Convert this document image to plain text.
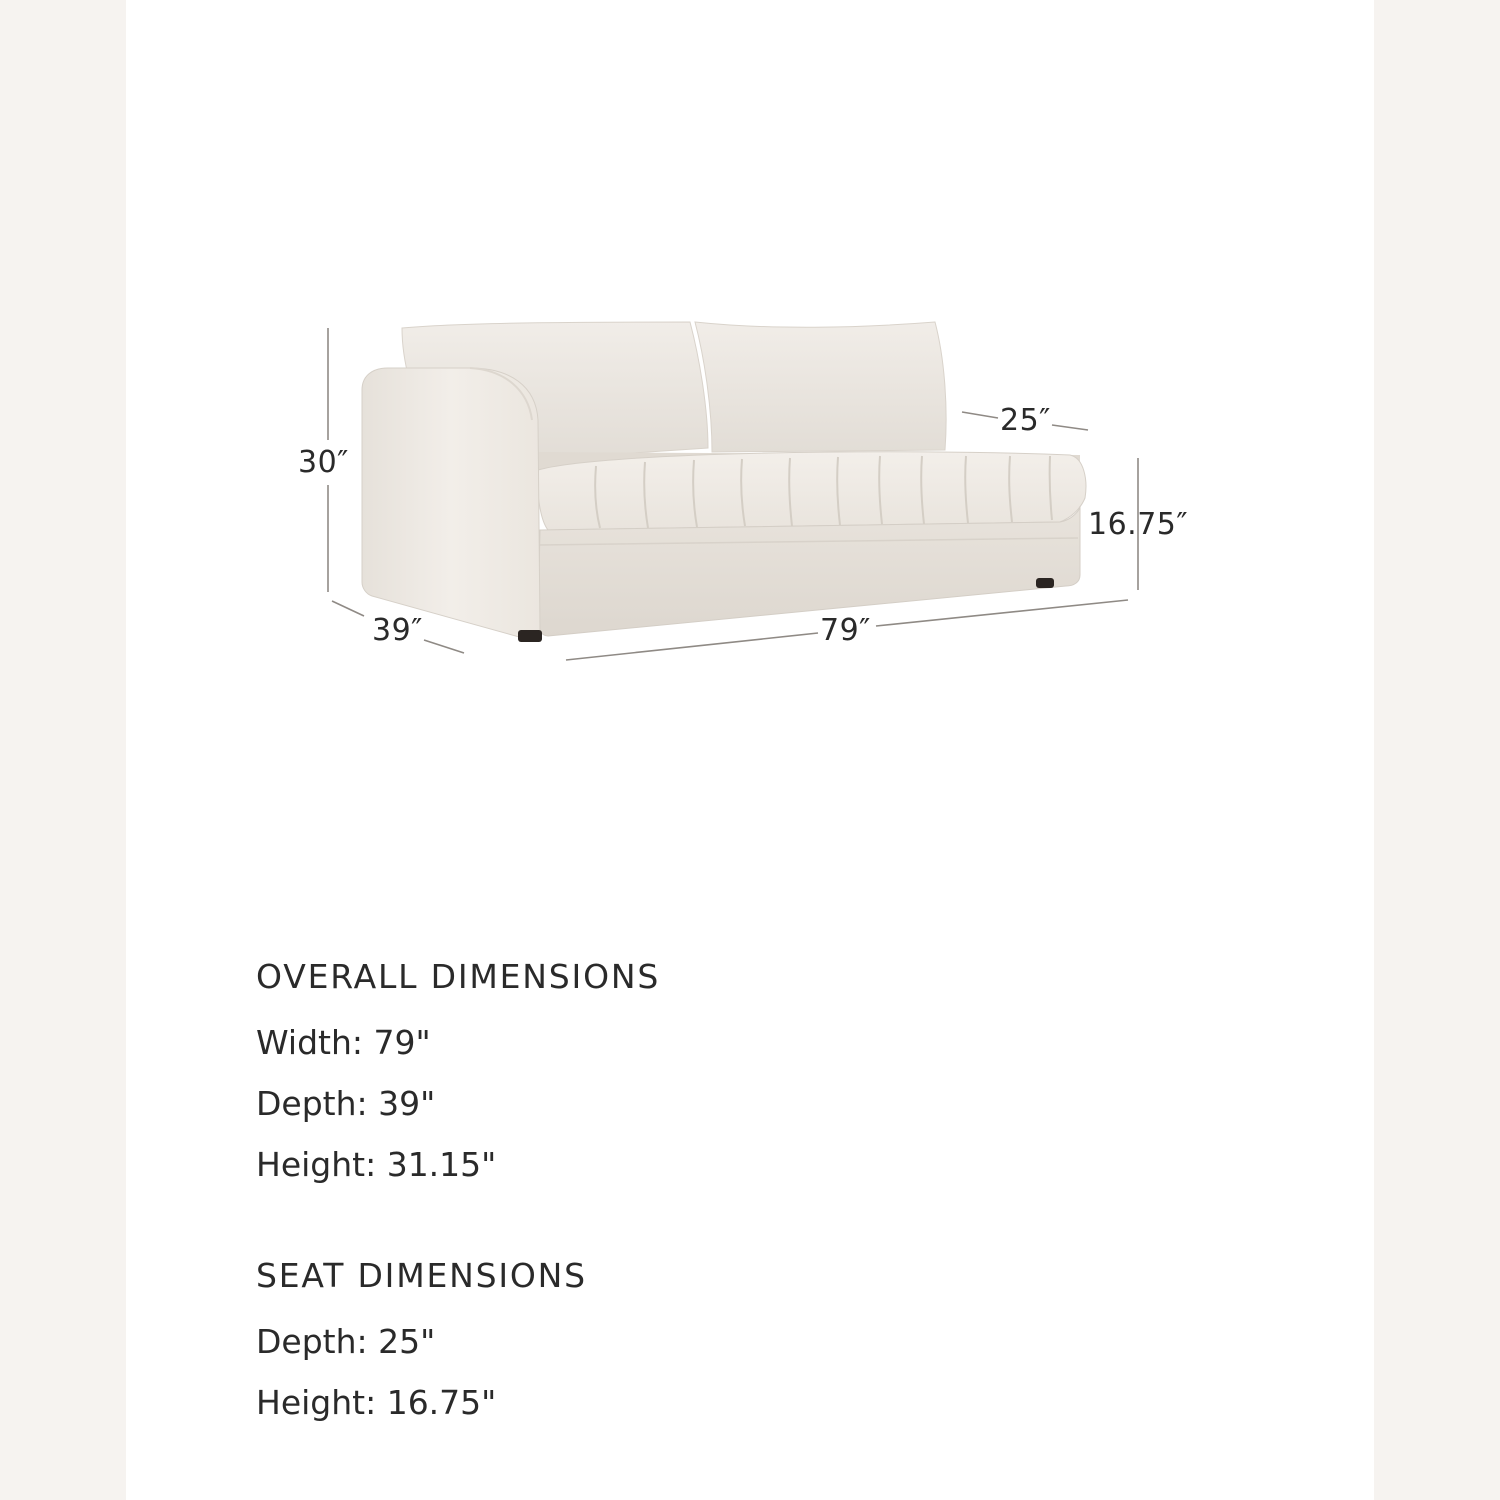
30″
25″
16.75″
39″	79″
OVERALL DIMENSIONS
Width: 79"
Depth: 39"
Height: 31.15"
SEAT DIMENSIONS
Depth: 25"
Height: 16.75"
